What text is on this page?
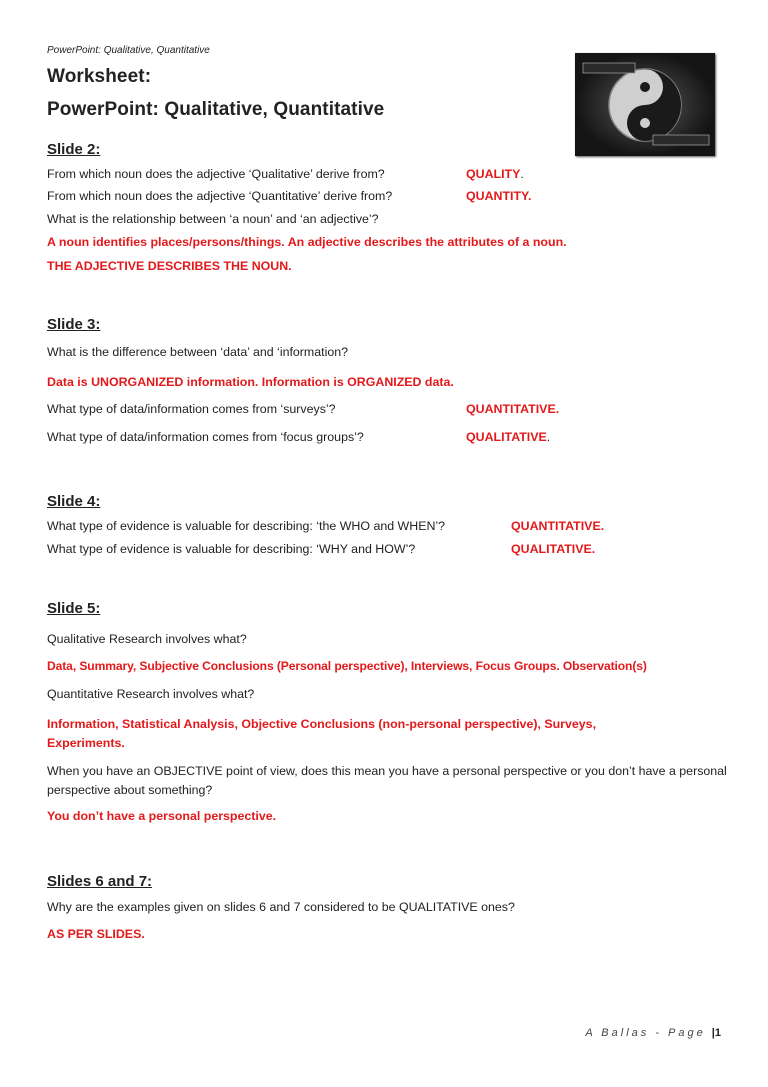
PowerPoint: Qualitative, Quantitative
Worksheet:
PowerPoint: Qualitative, Quantitative
Slide 2:
From which noun does the adjective ‘Qualitative’ derive from?	QUALITY.
From which noun does the adjective ‘Quantitative’ derive from?	QUANTITY.
What is the relationship between ‘a noun’ and ‘an adjective’?
A noun identifies places/persons/things. An adjective describes the attributes of a noun.
THE ADJECTIVE DESCRIBES THE NOUN.
Slide 3:
What is the difference between ‘data’ and ‘information?
Data is UNORGANIZED information. Information is ORGANIZED data.
What type of data/information comes from ‘surveys’?	QUANTITATIVE.
What type of data/information comes from ‘focus groups’?	QUALITATIVE.
Slide 4:
What type of evidence is valuable for describing: ‘the WHO and WHEN’?	QUANTITATIVE.
What type of evidence is valuable for describing: ‘WHY and HOW’?	QUALITATIVE.
Slide 5:
Qualitative Research involves what?
Data, Summary, Subjective Conclusions (Personal perspective), Interviews, Focus Groups. Observation(s)
Quantitative Research involves what?
Information, Statistical Analysis, Objective Conclusions (non-personal perspective), Surveys, Experiments.
When you have an OBJECTIVE point of view, does this mean you have a personal perspective or you don’t have a personal perspective about something?
You don’t have a personal perspective.
Slides 6 and 7:
Why are the examples given on slides 6 and 7 considered to be QUALITATIVE ones?
AS PER SLIDES.
A Ballas - Page |1
